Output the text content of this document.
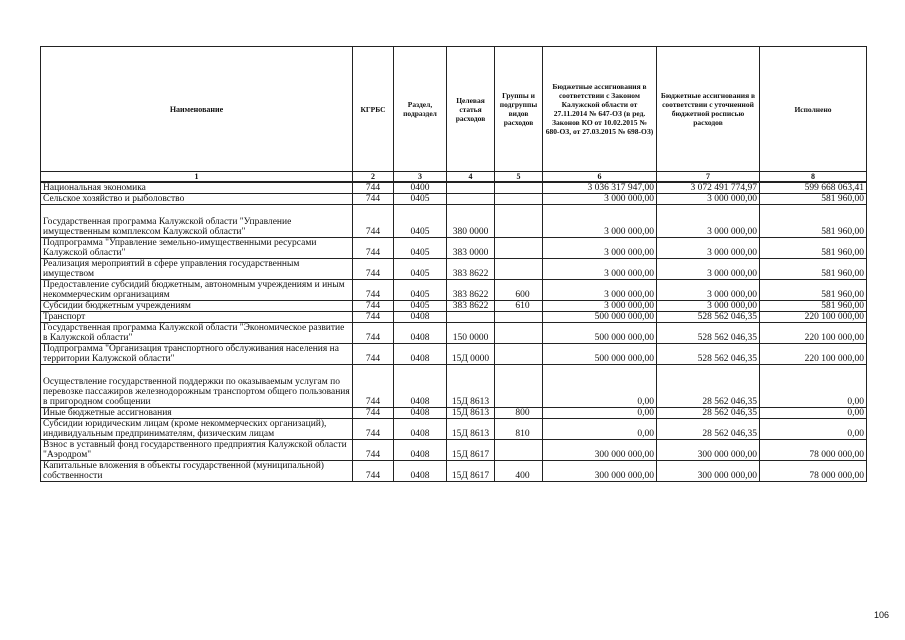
Наименование	КГРБС	Раздел, подраздел	Целевая статья расходов	Группы и подгруппы видов расходов	Бюджетные ассигнования в соответствии с Законом Калужской области от 27.11.2014 № 647-ОЗ (в ред. Законов КО от 10.02.2015 № 680-ОЗ, от 27.03.2015 № 698-ОЗ)	Бюджетные ассигнования в соответствии с уточненной бюджетной росписью расходов	Исполнено
1	2	3	4	5	6	7	8
Национальная экономика	744	0400			3 036 317 947,00	3 072 491 774,97	599 668 063,41
Сельское хозяйство и рыболовство	744	0405			3 000 000,00	3 000 000,00	581 960,00
Государственная программа Калужской области "Управление имущественным комплексом Калужской области"	744	0405	380 0000		3 000 000,00	3 000 000,00	581 960,00
Подпрограмма "Управление земельно-имущественными ресурсами Калужской области"	744	0405	383 0000		3 000 000,00	3 000 000,00	581 960,00
Реализация мероприятий в сфере управления государственным имуществом	744	0405	383 8622		3 000 000,00	3 000 000,00	581 960,00
Предоставление субсидий бюджетным, автономным учреждениям и иным некоммерческим организациям	744	0405	383 8622	600	3 000 000,00	3 000 000,00	581 960,00
Субсидии бюджетным учреждениям	744	0405	383 8622	610	3 000 000,00	3 000 000,00	581 960,00
Транспорт	744	0408			500 000 000,00	528 562 046,35	220 100 000,00
Государственная программа Калужской области "Экономическое развитие в Калужской области"	744	0408	150 0000		500 000 000,00	528 562 046,35	220 100 000,00
Подпрограмма "Организация транспортного обслуживания населения на территории Калужской области"	744	0408	15Д 0000		500 000 000,00	528 562 046,35	220 100 000,00
Осуществление государственной поддержки по оказываемым услугам по перевозке пассажиров железнодорожным транспортом общего пользования в пригородном сообщении	744	0408	15Д 8613		0,00	28 562 046,35	0,00
Иные бюджетные ассигнования	744	0408	15Д 8613	800	0,00	28 562 046,35	0,00
Субсидии юридическим лицам (кроме некоммерческих организаций), индивидуальным предпринимателям, физическим лицам	744	0408	15Д 8613	810	0,00	28 562 046,35	0,00
Взнос в уставный фонд государственного предприятия Калужской области "Аэродром"	744	0408	15Д 8617		300 000 000,00	300 000 000,00	78 000 000,00
Капитальные вложения в объекты государственной (муниципальной) собственности	744	0408	15Д 8617	400	300 000 000,00	300 000 000,00	78 000 000,00
106
